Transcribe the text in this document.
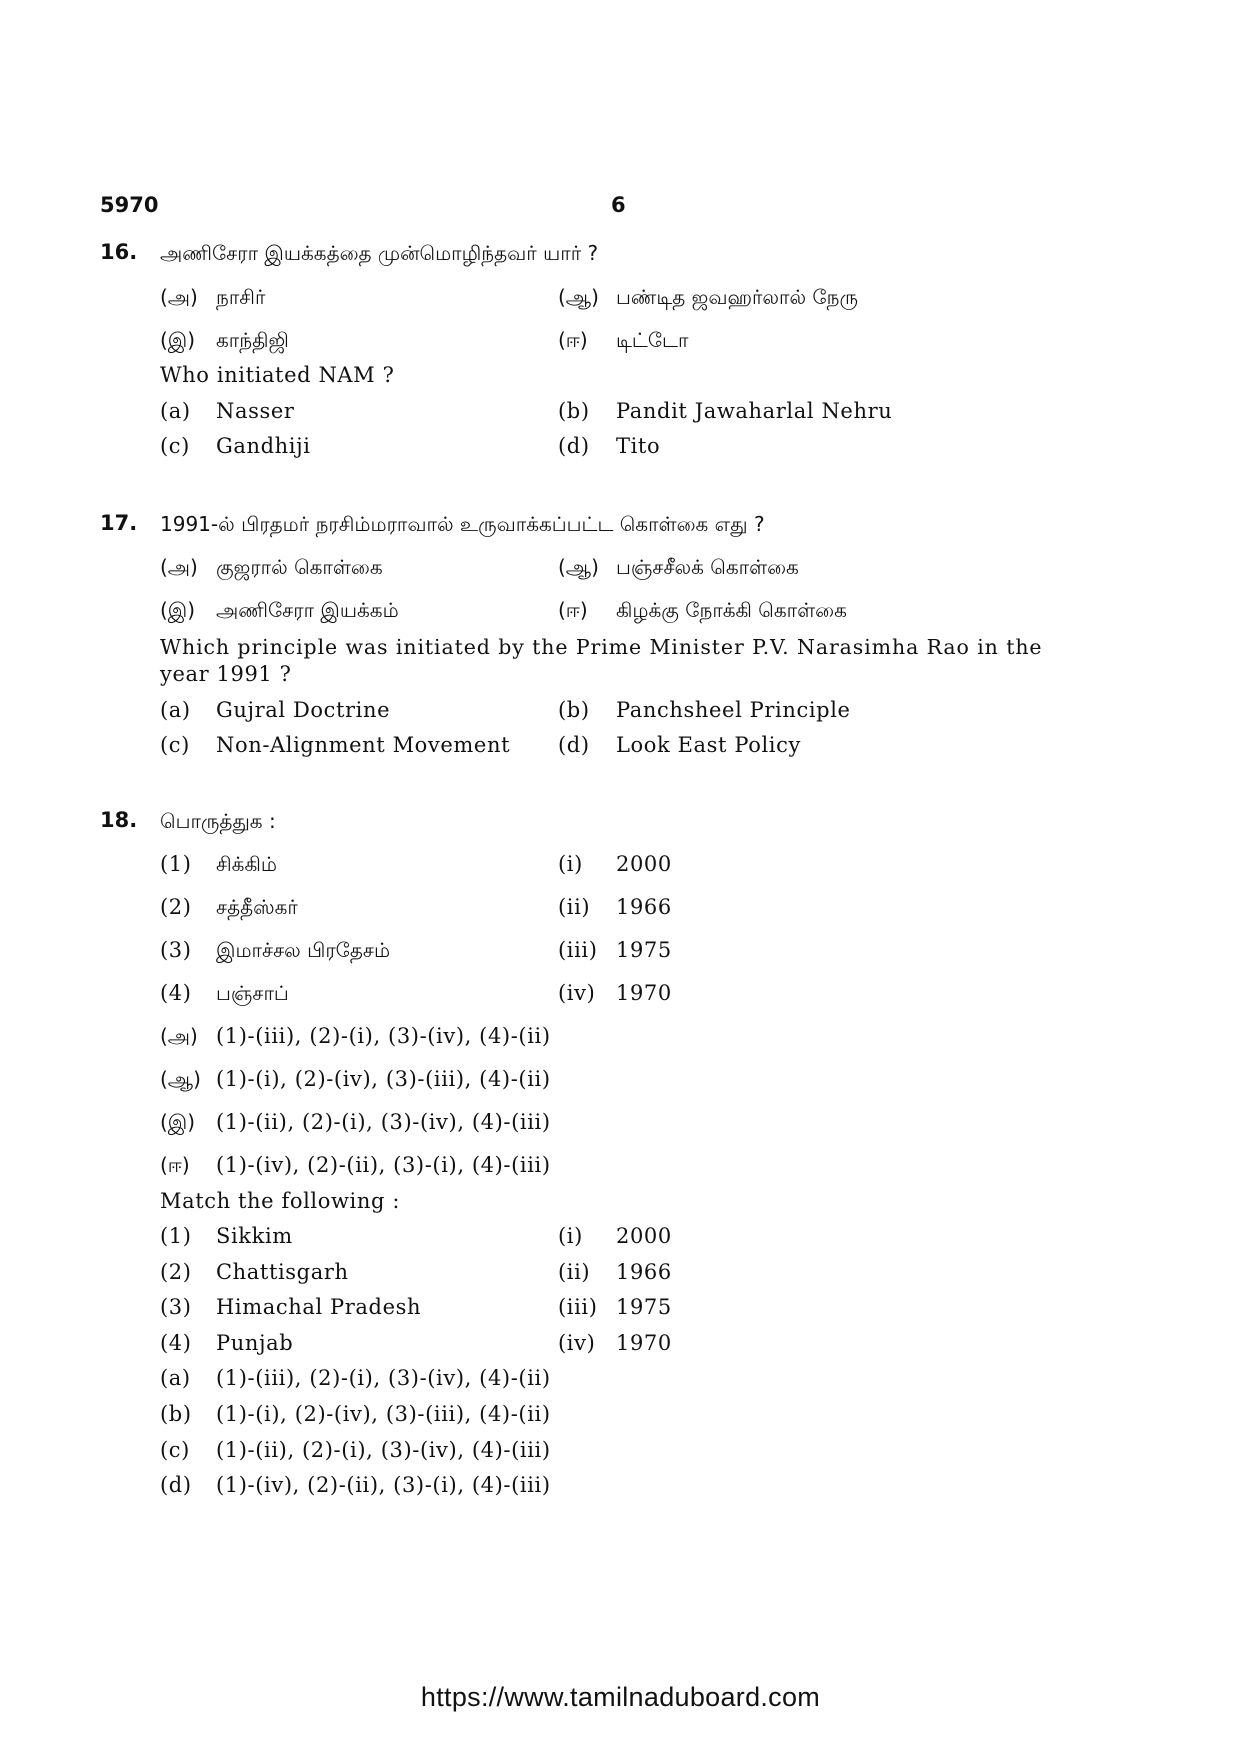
5970	6
16. அணிசேரா இயக்கத்தை முன்மொழிந்தவர் யார் ?
(அ) நாசிர்	(ஆ) பண்டித ஜவஹர்லால் நேரு
(இ) காந்திஜி	(ஈ) டிட்டோ
Who initiated NAM ?
(a) Nasser	(b) Pandit Jawaharlal Nehru
(c) Gandhiji	(d) Tito
17. 1991-ல் பிரதமர் நரசிம்மராவால் உருவாக்கப்பட்ட கொள்கை எது ?
(அ) குஜரால் கொள்கை	(ஆ) பஞ்சசீலக் கொள்கை
(இ) அணிசேரா இயக்கம்	(ஈ) கிழக்கு நோக்கி கொள்கை
Which principle was initiated by the Prime Minister P.V. Narasimha Rao in the
year 1991 ?
(a) Gujral Doctrine	(b) Panchsheel Principle
(c) Non-Alignment Movement (d) Look East Policy
18. பொருத்துக :
(1) சிக்கிம்	(i) 2000
(2) சத்தீஸ்கர்	(ii) 1966
(3) இமாச்சல பிரதேசம்	(iii) 1975
(4) பஞ்சாப்	(iv) 1970
(அ) (1)-(iii), (2)-(i), (3)-(iv), (4)-(ii)
(ஆ) (1)-(i), (2)-(iv), (3)-(iii), (4)-(ii)
(இ) (1)-(ii), (2)-(i), (3)-(iv), (4)-(iii)
(ஈ) (1)-(iv), (2)-(ii), (3)-(i), (4)-(iii)
Match the following :
(1) Sikkim	(i) 2000
(2) Chattisgarh	(ii) 1966
(3) Himachal Pradesh	(iii) 1975
(4) Punjab	(iv) 1970
(a) (1)-(iii), (2)-(i), (3)-(iv), (4)-(ii)
(b) (1)-(i), (2)-(iv), (3)-(iii), (4)-(ii)
(c) (1)-(ii), (2)-(i), (3)-(iv), (4)-(iii)
(d) (1)-(iv), (2)-(ii), (3)-(i), (4)-(iii)
https://www.tamilnaduboard.com
